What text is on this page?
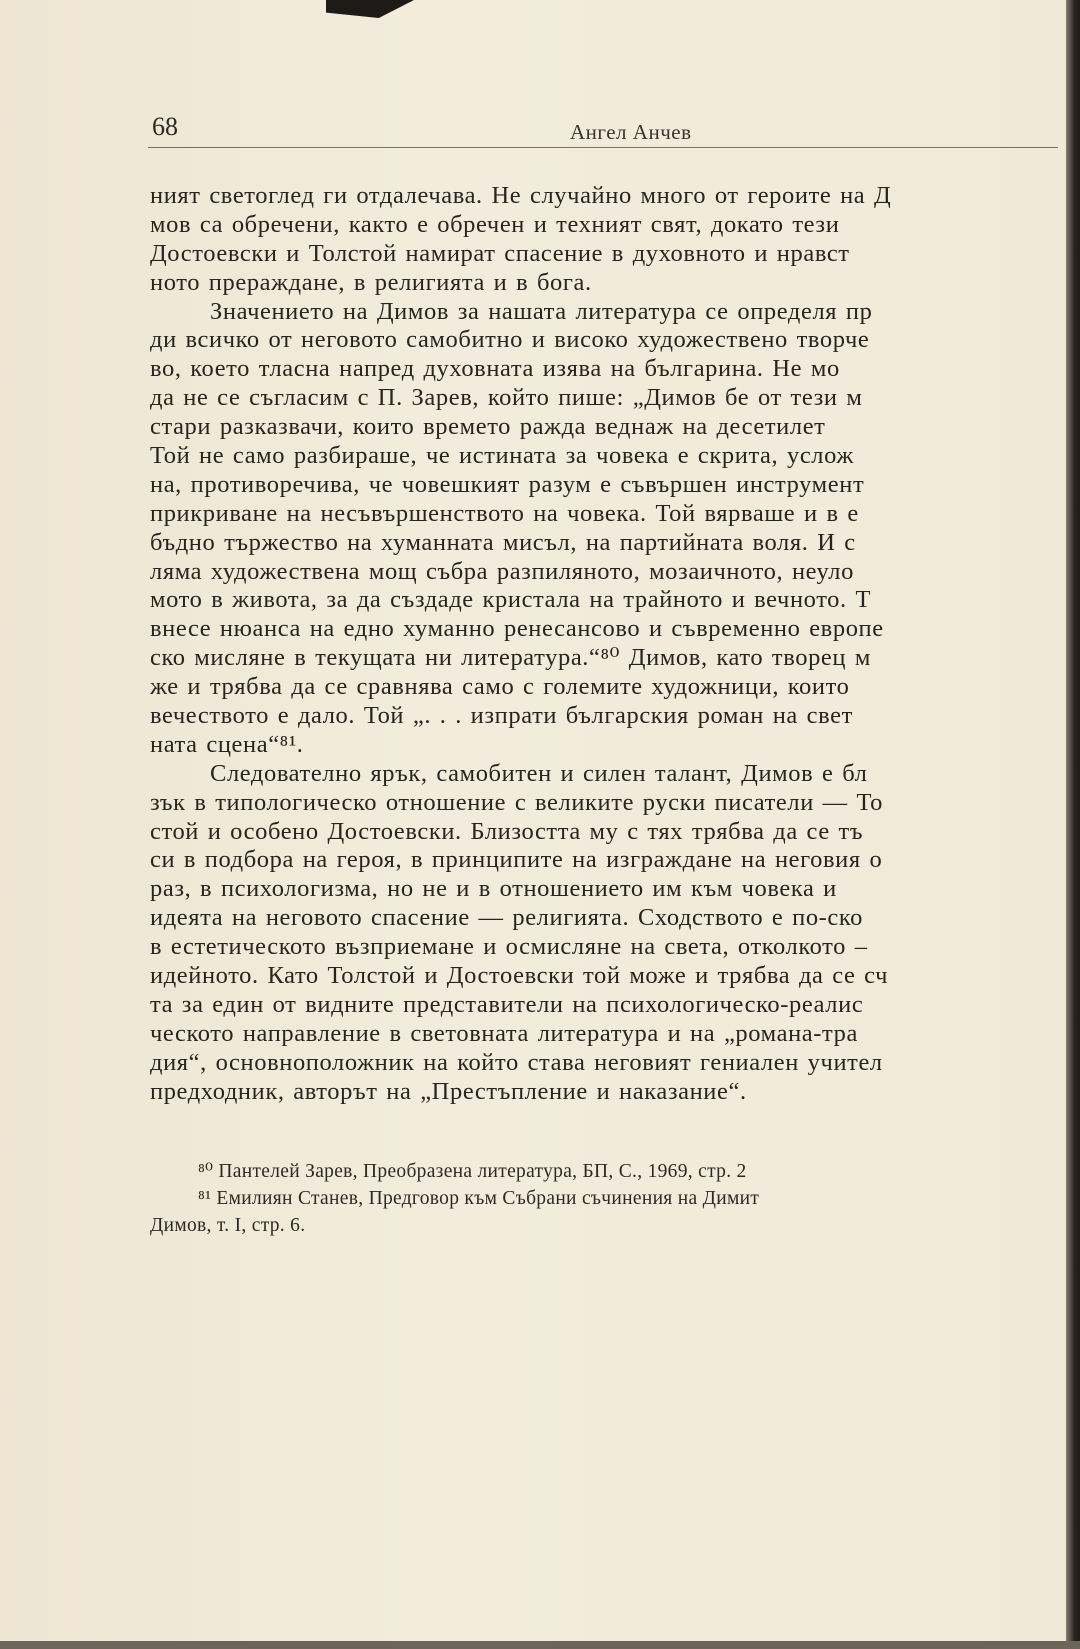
68	Ангел Анчев
ният светоглед ги отдалечава. Не случайно много от героите на Д
мов са обречени, както е обречен и техният свят, докато тези
Достоевски и Толстой намират спасение в духовното и нравст
ното прераждане, в религията и в бога.
Значението на Димов за нашата литература се определя пр
ди всичко от неговото самобитно и високо художествено творче
во, което тласна напред духовната изява на българина. Не мо
да не се съгласим с П. Зарев, който пише: „Димов бе от тези м
стари разказвачи, които времето ражда веднаж на десетилет
Той не само разбираше, че истината за човека е скрита, услож
на, противоречива, че човешкият разум е съвършен инструмент
прикриване на несъвършенството на човека. Той вярваше и в е
бъдно тържество на хуманната мисъл, на партийната воля. И с
ляма художествена мощ събра разпиляното, мозаичното, неуло
мото в живота, за да създаде кристала на трайното и вечното. Т
внесе нюанса на едно хуманно ренесансово и съвременно европе
ско мисляне в текущата ни литература.“⁸⁰ Димов, като творец м
же и трябва да се сравнява само с големите художници, които
вечеството е дало. Той „. . . изпрати българския роман на свет
ната сцена“⁸¹.
Следователно ярък, самобитен и силен талант, Димов е бл
зък в типологическо отношение с великите руски писатели — То
стой и особено Достоевски. Близостта му с тях трябва да се тъ
си в подбора на героя, в принципите на изграждане на неговия о
раз, в психологизма, но не и в отношението им към човека и
идеята на неговото спасение — религията. Сходството е по-ско
в естетическото възприемане и осмисляне на света, отколкото –
идейното. Като Толстой и Достоевски той може и трябва да се сч
та за един от видните представители на психологическо-реалис
ческото направление в световната литература и на „романа-тра
дия“, основноположник на който става неговият гениален учител
предходник, авторът на „Престъпление и наказание“.
⁸⁰ Пантелей Зарев, Преобразена литература, БП, С., 1969, стр. 2
⁸¹ Емилиян Станев, Предговор към Събрани съчинения на Димит
Димов, т. I, стр. 6.
